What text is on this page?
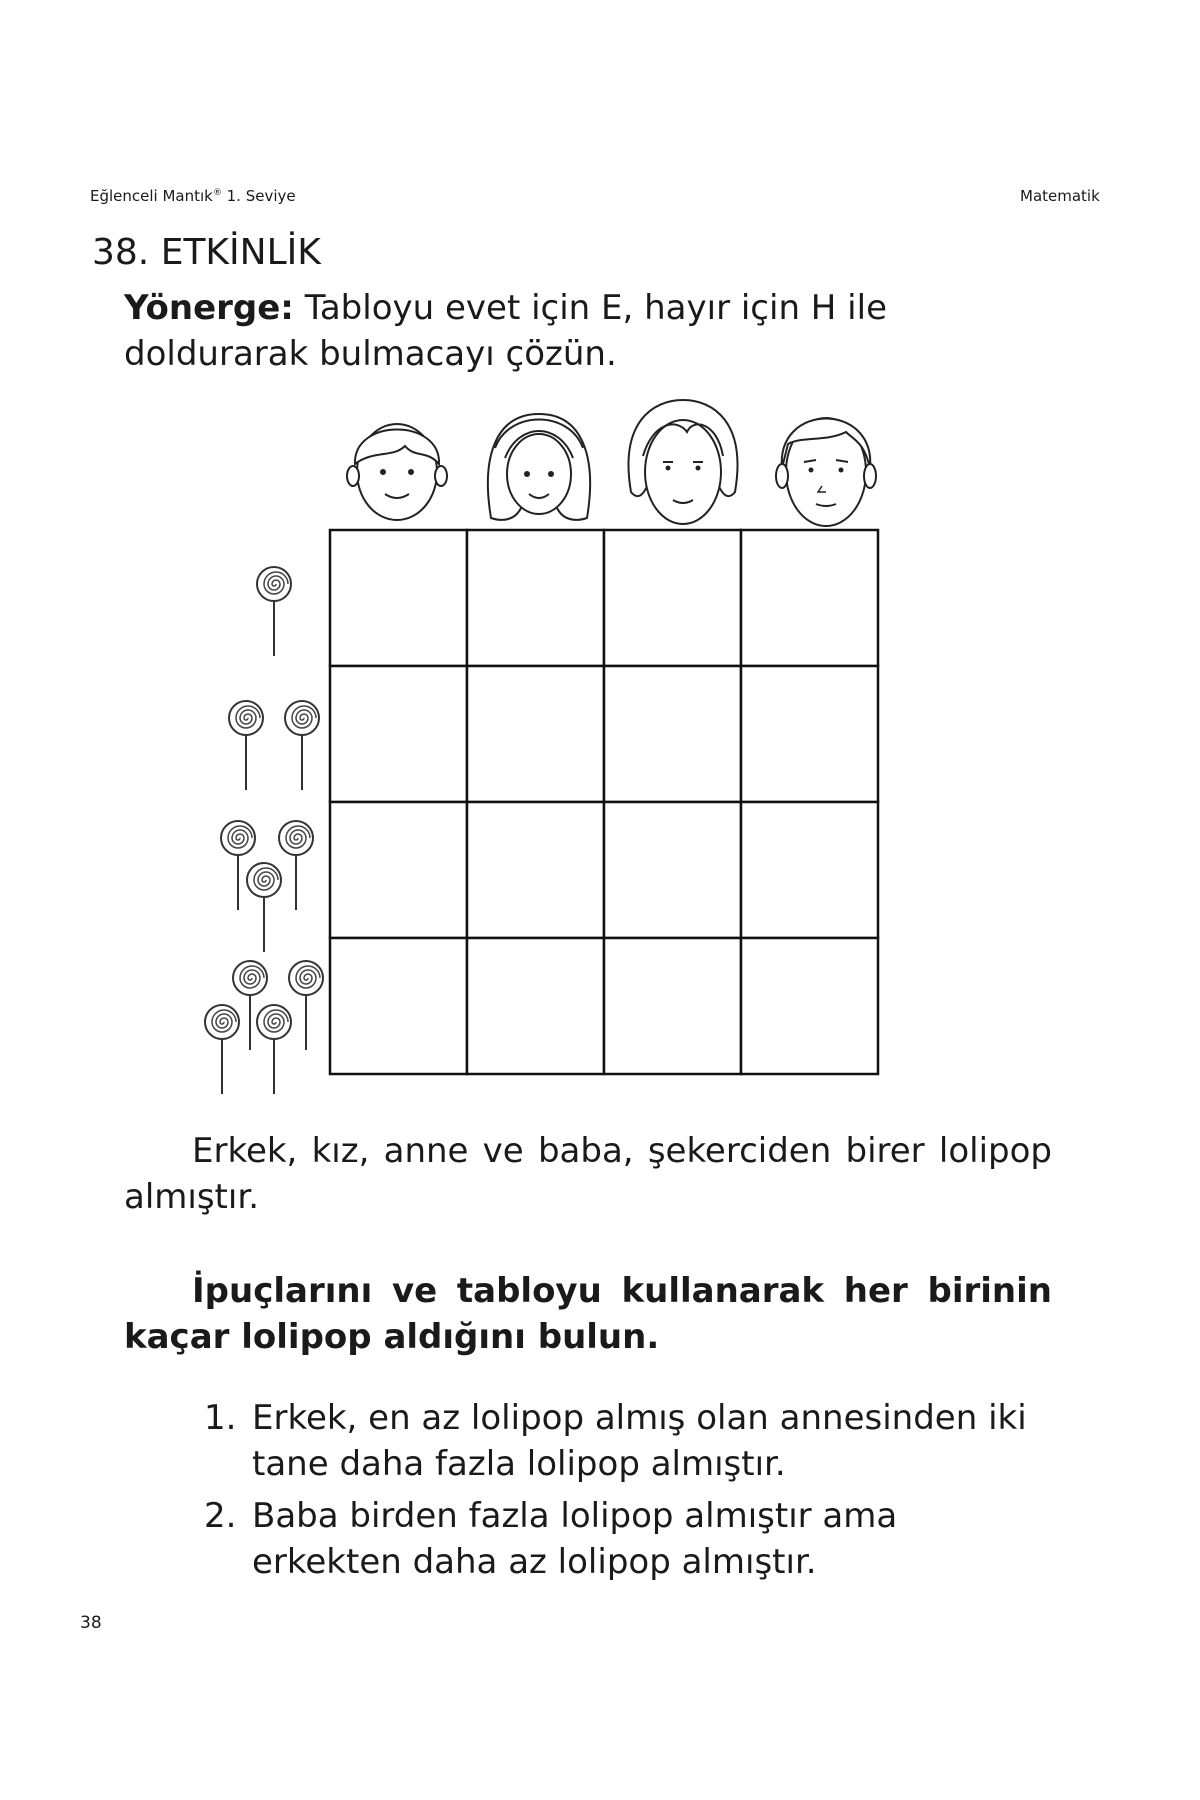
Eğlenceli Mantık® 1. Seviye	Matematik
38. ETKİNLİK
Yönerge: Tabloyu evet için E, hayır için H ile doldurarak bulmacayı çözün.
Erkek, kız, anne ve baba, şekerciden birer lolipop almıştır.
İpuçlarını ve tabloyu kullanarak her birinin kaçar lolipop aldığını bulun.
1. Erkek, en az lolipop almış olan annesinden iki tane daha fazla lolipop almıştır.
2. Baba birden fazla lolipop almıştır ama erkekten daha az lolipop almıştır.
38
